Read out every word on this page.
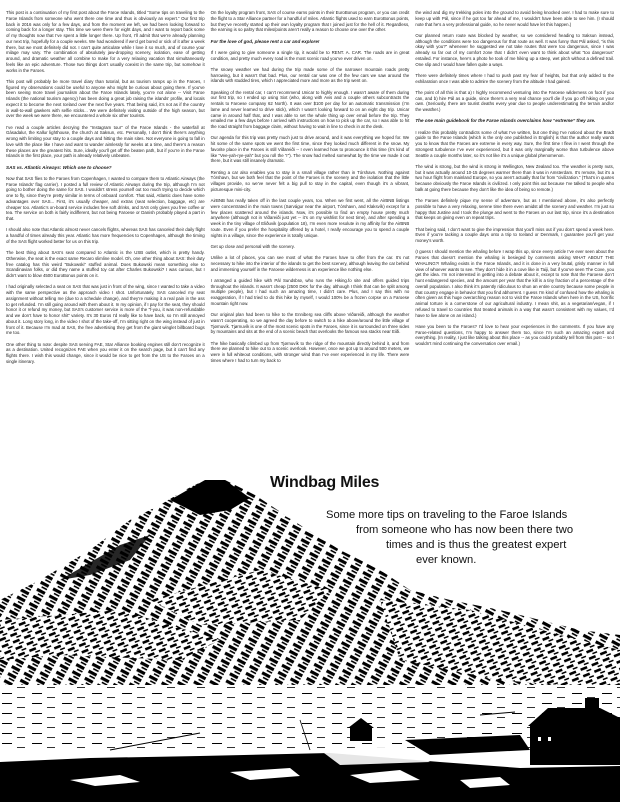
This post is a continuation of my first post about the Faroe Islands, titled “Some tips on traveling to the Faroe Islands from someone who went there one time and thus is obviously an expert.” Our first trip back in 2016 was only for a few days, and from the moment we left, we had been looking forward to coming back for a longer stay. This time we were there for eight days, and I want to report back some of my thoughts now that I’ve spent a little longer there. Up front, I’ll admit that we’re already planning our next trip, hopefully for a couple weeks. We had wondered if we’d get bored or sick of it after a week there, but we most definitely did not. I can’t quite articulate while I love it so much, and of course your milage may vary. The combination of absolutely jaw-dropping scenery, isolation, ease of getting around, and dramatic weather all combine to make for a very relaxing vacation that simultaneously feels like an epic adventure. Those two things don’t usually coexist in the same trip, but somehow it works in the Faroes.

This post will probably be more travel diary than tutorial, but as tourism ramps up in the Faroes, I figured my observations could be useful to anyone who might be curious about going there. If you’ve been seeing more travel journalism about the Faroe Islands lately, you’re not alone -- Visit Faroe Islands (the national tourism agency) has been doing a great job raising the islands’ profile, and locals expect it to become the next Iceland over the next five years. That being said, it’s not as if the country is wall-to-wall gawkers with selfie sticks... We were definitely visiting outside of the high season, but over the week we were there, we encountered a whole six other tourists.

I’ve read a couple articles decrying the “Instagram tour” of the Faroe Islands - the waterfall at Gásadalur, the Kallur lighthouse, the church at Saksun, etc. Personally, I don’t think there’s anything wrong with limiting your stay to a couple days and hitting the main sites. Not everyone is going to fall in love with the place like I have and want to wander aimlessly for weeks at a time, and there’s a reason these places are the greatest hits. Sure, ideally you’ll get off the beaten path, but if you’re in the Faroe Islands in the first place, your path is already relatively unbeaten.

SAS vs. Atlantic Airways: Which one to choose?

Now that SAS flies to the Faroes from Copenhagen, I wanted to compare them to Atlantic Airways (the Faroe Islands’ flag carrier). I posted a full review of Atlantic Airways during the trip, although I’m not going to bother doing the same for SAS. I wouldn’t stress yourself out too much trying to decide which one to fly, since they’re pretty similar in terms of onboard comfort. That said, Atlantic does have some advantages over SAS... First, it’s usually cheaper, and extras (seat selection, baggage, etc) are cheaper too. Atlantic’s on-board service includes free soft drinks, and SAS only gives you free coffee or tea. The service on both is fairly indifferent, but not being Faroese or Danish probably played a part in that.

I should also note that Atlantic almost never cancels flights, whereas SAS has canceled their daily flight a handful of times already this year. Atlantic has more frequencies to Copenhagen, although the timing of the SAS flight worked better for us on this trip.

The best thing about SAS’s seat compared to Atlantic is the USB outlet, which is pretty handy. Otherwise, the seat is the exact same Recaro slimline model. Oh, one other thing about SAS: their duty free catalog has this weird “Bukowski” stuffed animal. Does Bukowski mean something else to Scandinavian folks, or did they name a stuffed toy cat after Charles Bukowski? I was curious, but I didn’t want to blow 4500 EuroBonus points on it.

I had originally selected a seat on SAS that was just in front of the wing, since I wanted to take a video with the same perspective as the approach video I shot. Unfortunately, SAS canceled my seat assignment without telling me (due to a schedule change), and they’re making it a real pain in the ass to get refunded. I’m still going around with them about it. In my opinion, if I pay for the seat, they should honor it or refund my money, but SAS’s customer service is more of the “f-you, it was non-refundable and we don’t have to honor shit” variety. It’s 30 Euros I’d really like to have back, so I’m still annoyed about it. Long story long, in the video I shot of the take-off, I’m sitting right on the wing instead of just in front of it. Because I’m mad at SAS, the free advertising they get from the giant winglet billboard bugs me too.

One other thing to note: despite SAS serving FAE, Star Alliance booking engines still don’t recognize it as a destination. United recognizes FAE when you enter it on the search page, but it can’t find any flights there. I wish this would change, since it would be nice to get from the US to the Faroes on a single itinerary.

On the loyalty program front, SAS of course earns points in their EuroBonus program, or you can credit the flight to a Star Alliance partner for a handful of miles. Atlantic flights used to earn EuroBonus points, but they’ve recently started up their own loyalty program that I joined just for the hell of it. Regardless, the earning is so paltry that miles/points aren’t really a reason to choose one over the other.

For the love of god, please rent a car and explore!

If I were going to give someone a single tip, it would be to RENT. A. CAR. The roads are in great condition, and pretty much every road is the most scenic road you’ve ever driven on.

The snowy weather we had during the trip made some of the narrower mountain roads pretty harrowing, but it wasn’t that bad. Plus, our rental car was one of the few cars we saw around the islands with studded tires, which I appreciated more and more as the trip went on.

Speaking of the rental car, I can’t recommend Unicar to highly enough. I wasn’t aware of them during our first trip, so I ended up using Sixt (who, along with Avis and a couple others subcontracts the rentals to Faroese company 62 North). It was over $100 per day for an automatic transmission (I’m lame and never learned to drive stick), which I wasn’t looking forward to on an eight day trip. Unicar came in around half that, and I was able to set the whole thing up over email before the trip. They emailed me a few days before I arrived with instructions on how to pick up the car, so I was able to hit the road straight from baggage claim, without having to wait in line to check in at the desk.

Our agenda for this trip was pretty much just to drive around, and it was everything we hoped for. We hit some of the same spots we went the first time, since they looked much different in the snow. My favorite place in the Faroes is still Viðareiði -- I even learned how to pronounce it this time (it’s kind of like “Vee-yah-rye-yah” but you roll the “r”). The snow had melted somewhat by the time we made it out there, but it was still insanely dramatic.

Renting a car also enables you to stay in a small village rather than in Tórshavn. Nothing against Tórshavn, but we both feel that the point of the Faroes is the scenery and the isolation that the little villages provide, so we’ve never felt a big pull to stay in the capital, even though it’s a vibrant, picturesque mini-city.

AirBNB has really taken off in the last couple years, too. When we first went, all the AirBNB listings were concentrated in the main towns (Sørvágur near the airport, Tórshavn, and Klaksvík) except for a few places scattered around the islands. Now, it’s possible to find an empty house pretty much anywhere (although not in Viðareiði just yet -- it’s on my wishlist for next time), and after spending a week in the tiny village of Eliðuvik (population 18), I’m even more resolute in my affinity for the AirBNB route. Even if you prefer the hospitality offered by a hotel, I really encourage you to spend a couple nights in a village, since the experience is totally unique.

Get up close and personal with the scenery.

Unlike a lot of places, you can see most of what the Faroes have to offer from the car. It’s not necessary to hike into the interior of the islands to get the best scenery, although leaving the car behind and immersing yourself in the Faroese wilderness is an experience like nothing else.

I arranged a guided hike with Pál Sundsbrø, who runs the Hiking.fo site and offers guided trips throughout the islands. It wasn’t cheap (2500 DKK for the day, although I think that can be split among multiple people), but I had such an amazing time, I didn’t care. Plus, and I say this with no exaggeration, if I had tried to do this hike by myself, I would 100% be a frozen corpse on a Faroese mountain right now.

Our original plan had been to hike to the Enniberg sea cliffs above Viðareiði, although the weather wasn’t cooperating, so we agreed the day before to switch to a hike above/around the little village of Tjørnuvík. Tjørnuvík is one of the most scenic spots in the Faroes, since it is surrounded on three sides by mountains and sits at the end of a scenic beach that overlooks the famous sea stacks near Eiði.

The hike basically climbed up from Tjørnuvík to the ridge of the mountain directly behind it, and from there we planned to hike out to a scenic overlook. However, once we got up to around 500 meters, we were in full whiteout conditions, with stronger wind than I’ve ever experienced in my life. There were times where I had to turn my back to

the wind and dig my trekking poles into the ground to avoid being knocked over. I had to make sure to keep up with Pál, since if he got too far ahead of me, I wouldn’t have been able to see him. (I should note that he’s a very professional guide, so he never would have let this happen.)

Our planned return route was blocked by weather, so we considered heading to Saksun instead, although the conditions were too dangerous for that route as well. It was funny that Pál asked, “is this okay with you?” whenever he suggested we not take routes that were too dangerous, since I was already so far out of my comfort zone that I didn’t even want to think about what “too dangerous” entailed. For instance, here’s a photo he took of me hiking up a steep, wet pitch without a defined trail. One slip and I would have fallen quite a ways.

There were definitely times where I had to push past my fear of heights, but that only added to the exhilaration once I was able to admire the scenery from the altitude I had gained.

The point of all this is that a) I highly recommend venturing into the Faroese wilderness on foot if you can, and b) hire Pál as a guide, since there’s a very real chance you’ll die if you go off hiking on your own. (Seriously, there are tourist deaths every year due to people underestimating the terrain and/or the weather.)

The one main guidebook for the Faroe Islands overclaims how “extreme” they are.

I realize this probably contradicts some of what I’ve written, but one thing I’ve noticed about the Bradt guide to the Faroe Islands (which is the only one published in English) is that the author really wants you to know that the Faroes are extreme in every way. Sure, the first time I flew in I went through the strongest turbulence I’ve ever experienced, but it was only marginally worse than turbulence above Seattle a couple months later, so it’s not like it’s a unique global phenomenon.

The wind is strong, but the wind is strong in Wellington, New Zealand too. The weather is pretty nuts, but it was actually around 10-15 degrees warmer there than it was in Amsterdam. It’s remote, but it’s a two hour flight from mainland Europe, so you aren’t actually that far from “civilization.” (That’s in quotes because obviously the Faroe Islands is civilized. I only point this out because I’ve talked to people who balk at going there because they don’t like the idea of being so remote.)

The Faroes definitely pique my sense of adventure, but as I mentioned above, it’s also perfectly possible to have a very relaxing, serene time there even amidst all the scenery and weather. I’m just so happy that Justine and I took the plunge and went to the Faroes on our last trip, since it’s a destination that keeps on giving even on repeat trips.

That being said, I don’t want to give the impression that you’ll miss out if you don’t spend a week here. Even if you’re tacking a couple days onto a trip to Iceland or Denmark, I guarantee you’ll get your money’s worth.

(I guess I should mention the whaling before I wrap this up, since every article I’ve ever seen about the Faroes that doesn’t mention the whaling is besieged by comments asking WHAT ABOUT THE WHALING?! Whaling exists in the Faroe Islands, and it is done in a very brutal, grisly manner in full view of whoever wants to see. They don’t hide it in a cove like in Taiji, but if you’ve seen The Cove, you get the idea. I’m not interested in getting into a debate about it, except to note that the Faroese don’t hunt endangered species, and the amount per year that the kill is a tiny fraction of a percentage of the overall population. I also think it’s patently ridiculous to shun an entire country because some people in that country engage in behavior that you find abhorrent. I guess I’m kind of confused how the whaling is often given as this huge overarching reason not to visit the Faroe Islands when here in the US, horrific animal torture is a cornerstone of our agricultural industry. I mean shit, as a vegetarian/vegan, if I refused to travel to countries that treated animals in a way that wasn’t consistent with my values, I’d have to live alone on an island.)

Have you been to the Faroes? I’d love to hear your experiences in the comments. If you have any Faroe-related questions, I’m happy to answer them too, since I’m such an amazing expert and everything. (In reality, I just like talking about this place -- as you could probably tell from this post -- so I wouldn’t mind continuing the conversation over email.)

Windbag Miles
Some more tips on traveling to the Faroe Islands
from someone who has now been there two
times and is thus the greatest expert
ever known.
